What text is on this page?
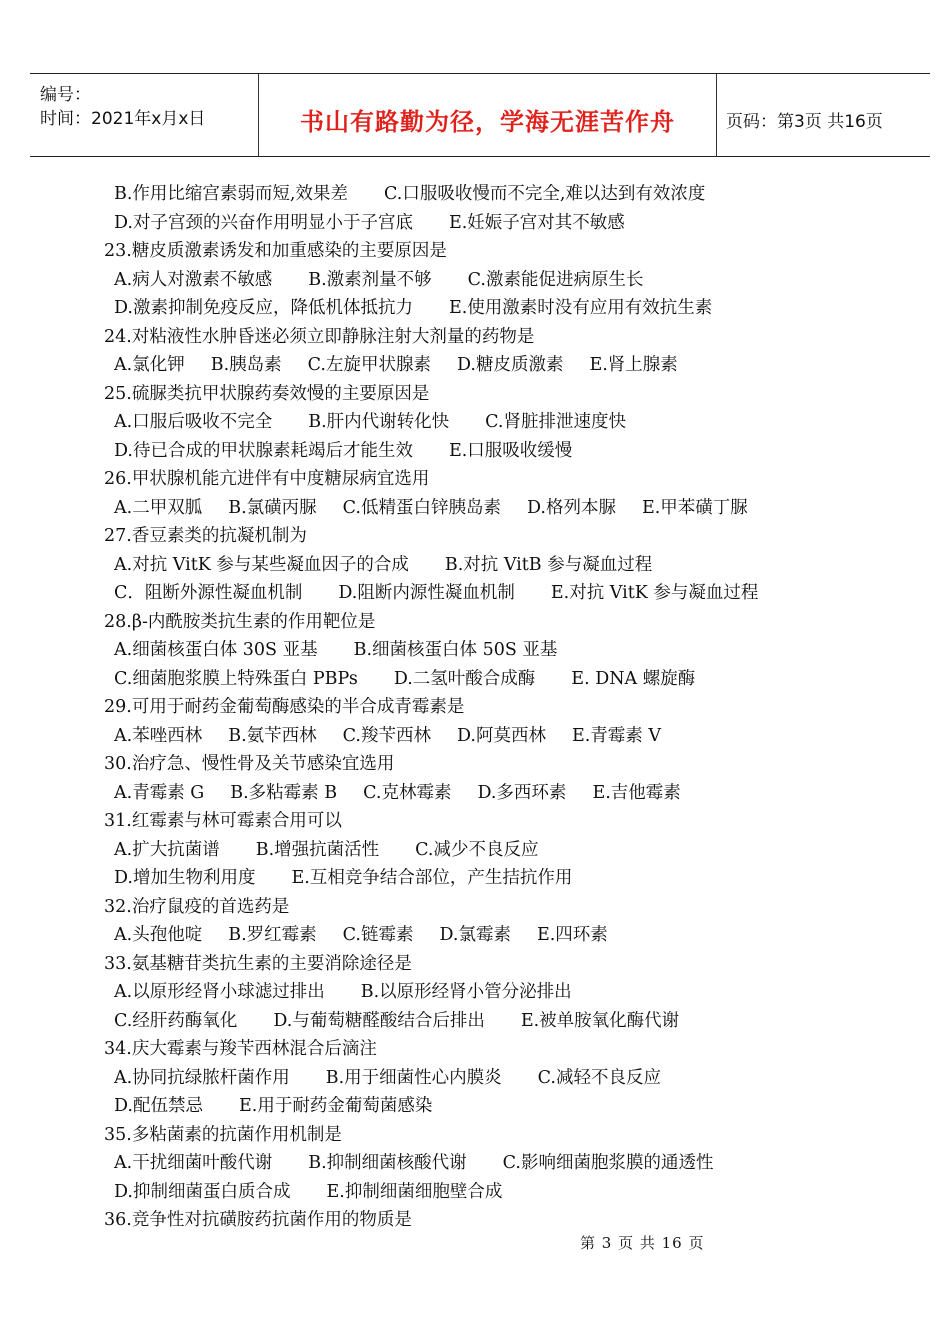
编号：
时间：2021年x月x日	书山有路勤为径，学海无涯苦作舟	页码：第3页 共16页
B.作用比缩宫素弱而短,效果差 C.口服吸收慢而不完全,难以达到有效浓度
D.对子宫颈的兴奋作用明显小于子宫底 E.妊娠子宫对其不敏感
23.糖皮质激素诱发和加重感染的主要原因是
A.病人对激素不敏感 B.激素剂量不够 C.激素能促进病原生长
D.激素抑制免疫反应，降低机体抵抗力 E.使用激素时没有应用有效抗生素
24.对粘液性水肿昏迷必须立即静脉注射大剂量的药物是
A.氯化钾 B.胰岛素 C.左旋甲状腺素 D.糖皮质激素 E.肾上腺素
25.硫脲类抗甲状腺药奏效慢的主要原因是
A.口服后吸收不完全 B.肝内代谢转化快 C.肾脏排泄速度快
D.待已合成的甲状腺素耗竭后才能生效 E.口服吸收缓慢
26.甲状腺机能亢进伴有中度糖尿病宜选用
A.二甲双胍 B.氯磺丙脲 C.低精蛋白锌胰岛素 D.格列本脲 E.甲苯磺丁脲
27.香豆素类的抗凝机制为
A.对抗 VitK 参与某些凝血因子的合成 B.对抗 VitB 参与凝血过程
C．阻断外源性凝血机制 D.阻断内源性凝血机制 E.对抗 VitK 参与凝血过程
28.β-内酰胺类抗生素的作用靶位是
A.细菌核蛋白体 30S 亚基 B.细菌核蛋白体 50S 亚基
C.细菌胞浆膜上特殊蛋白 PBPs D.二氢叶酸合成酶 E. DNA 螺旋酶
29.可用于耐药金葡萄酶感染的半合成青霉素是
A.苯唑西林 B.氨苄西林 C.羧苄西林 D.阿莫西林 E.青霉素 V
30.治疗急、慢性骨及关节感染宜选用
A.青霉素 G B.多粘霉素 B C.克林霉素 D.多西环素 E.吉他霉素
31.红霉素与林可霉素合用可以
A.扩大抗菌谱 B.增强抗菌活性 C.减少不良反应
D.增加生物利用度 E.互相竞争结合部位，产生拮抗作用
32.治疗鼠疫的首选药是
A.头孢他啶 B.罗红霉素 C.链霉素 D.氯霉素 E.四环素
33.氨基糖苷类抗生素的主要消除途径是
A.以原形经肾小球滤过排出 B.以原形经肾小管分泌排出
C.经肝药酶氧化 D.与葡萄糖醛酸结合后排出 E.被单胺氧化酶代谢
34.庆大霉素与羧苄西林混合后滴注
A.协同抗绿脓杆菌作用 B.用于细菌性心内膜炎 C.减轻不良反应
D.配伍禁忌 E.用于耐药金葡萄菌感染
35.多粘菌素的抗菌作用机制是
A.干扰细菌叶酸代谢 B.抑制细菌核酸代谢 C.影响细菌胞浆膜的通透性
D.抑制细菌蛋白质合成 E.抑制细菌细胞壁合成
36.竞争性对抗磺胺药抗菌作用的物质是
第 3 页 共 16 页
